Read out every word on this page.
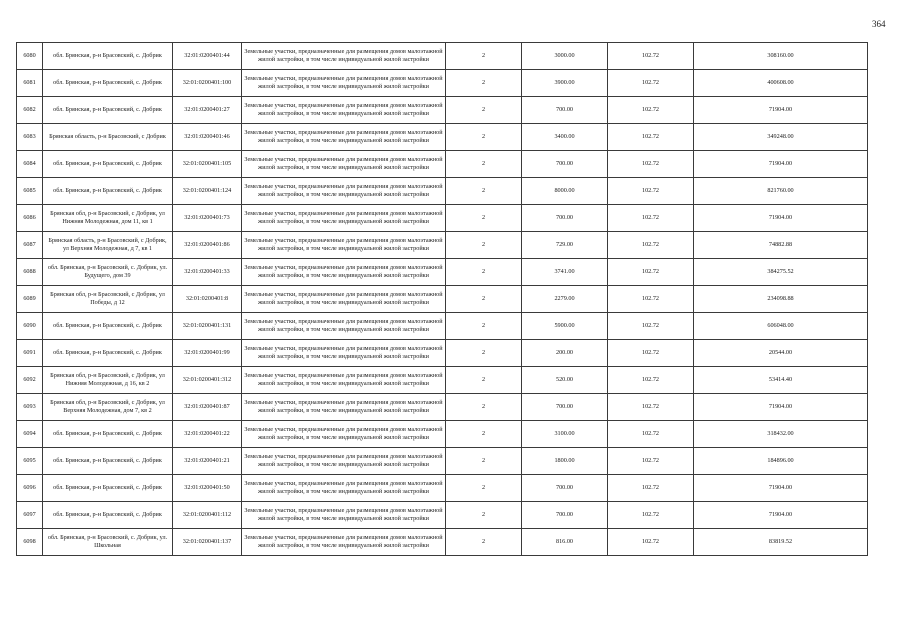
364
6080	обл. Брянская, р-н Брасовский, с. Добрик	32:01:0200401:44	Земельные участки, предназначенные для размещения домов малоэтажной жилой застройки, в том числе индивидуальной жилой застройки	2	3000.00	102.72	308160.00
6081	обл. Брянская, р-н Брасовский, с. Добрик	32:01:0200401:100	Земельные участки, предназначенные для размещения домов малоэтажной жилой застройки, в том числе индивидуальной жилой застройки	2	3900.00	102.72	400608.00
6082	обл. Брянская, р-н Брасовский, с. Добрик	32:01:0200401:27	Земельные участки, предназначенные для размещения домов малоэтажной жилой застройки, в том числе индивидуальной жилой застройки	2	700.00	102.72	71904.00
6083	Брянская область, р-н Брасовский, с Добрик	32:01:0200401:46	Земельные участки, предназначенные для размещения домов малоэтажной жилой застройки, в том числе индивидуальной жилой застройки	2	3400.00	102.72	349248.00
6084	обл. Брянская, р-н Брасовский, с. Добрик	32:01:0200401:105	Земельные участки, предназначенные для размещения домов малоэтажной жилой застройки, в том числе индивидуальной жилой застройки	2	700.00	102.72	71904.00
6085	обл. Брянская, р-н Брасовский, с. Добрик	32:01:0200401:124	Земельные участки, предназначенные для размещения домов малоэтажной жилой застройки, в том числе индивидуальной жилой застройки	2	8000.00	102.72	821760.00
6086	Брянская обл, р-н Брасовский, с Добрик, ул Нижняя Молодежная, дом 11, кв 1	32:01:0200401:73	Земельные участки, предназначенные для размещения домов малоэтажной жилой застройки, в том числе индивидуальной жилой застройки	2	700.00	102.72	71904.00
6087	Брянская область, р-н Брасовский, с Добрик, ул Верхняя Молодежная, д 7, кв 1	32:01:0200401:86	Земельные участки, предназначенные для размещения домов малоэтажной жилой застройки, в том числе индивидуальной жилой застройки	2	729.00	102.72	74882.88
6088	обл. Брянская, р-н Брасовский, с. Добрик, ул. Будущего, дом 39	32:01:0200401:33	Земельные участки, предназначенные для размещения домов малоэтажной жилой застройки, в том числе индивидуальной жилой застройки	2	3741.00	102.72	384275.52
6089	Брянская обл, р-н Брасовский, с Добрик, ул Победы, д 12	32:01:0200401:8	Земельные участки, предназначенные для размещения домов малоэтажной жилой застройки, в том числе индивидуальной жилой застройки	2	2279.00	102.72	234098.88
6090	обл. Брянская, р-н Брасовский, с. Добрик	32:01:0200401:131	Земельные участки, предназначенные для размещения домов малоэтажной жилой застройки, в том числе индивидуальной жилой застройки	2	5900.00	102.72	606048.00
6091	обл. Брянская, р-н Брасовский, с. Добрик	32:01:0200401:99	Земельные участки, предназначенные для размещения домов малоэтажной жилой застройки, в том числе индивидуальной жилой застройки	2	200.00	102.72	20544.00
6092	Брянская обл, р-н Брасовский, с Добрик, ул Нижняя Молодежная, д 16, кв 2	32:01:0200401:312	Земельные участки, предназначенные для размещения домов малоэтажной жилой застройки, в том числе индивидуальной жилой застройки	2	520.00	102.72	53414.40
6093	Брянская обл, р-н Брасовский, с Добрик, ул Верхняя Молодежная, дом 7, кв 2	32:01:0200401:87	Земельные участки, предназначенные для размещения домов малоэтажной жилой застройки, в том числе индивидуальной жилой застройки	2	700.00	102.72	71904.00
6094	обл. Брянская, р-н Брасовский, с. Добрик	32:01:0200401:22	Земельные участки, предназначенные для размещения домов малоэтажной жилой застройки, в том числе индивидуальной жилой застройки	2	3100.00	102.72	318432.00
6095	обл. Брянская, р-н Брасовский, с. Добрик	32:01:0200401:21	Земельные участки, предназначенные для размещения домов малоэтажной жилой застройки, в том числе индивидуальной жилой застройки	2	1800.00	102.72	184896.00
6096	обл. Брянская, р-н Брасовский, с. Добрик	32:01:0200401:50	Земельные участки, предназначенные для размещения домов малоэтажной жилой застройки, в том числе индивидуальной жилой застройки	2	700.00	102.72	71904.00
6097	обл. Брянская, р-н Брасовский, с. Добрик	32:01:0200401:112	Земельные участки, предназначенные для размещения домов малоэтажной жилой застройки, в том числе индивидуальной жилой застройки	2	700.00	102.72	71904.00
6098	обл. Брянская, р-н Брасовский, с. Добрик, ул. Школьная	32:01:0200401:137	Земельные участки, предназначенные для размещения домов малоэтажной жилой застройки, в том числе индивидуальной жилой застройки	2	816.00	102.72	83819.52
